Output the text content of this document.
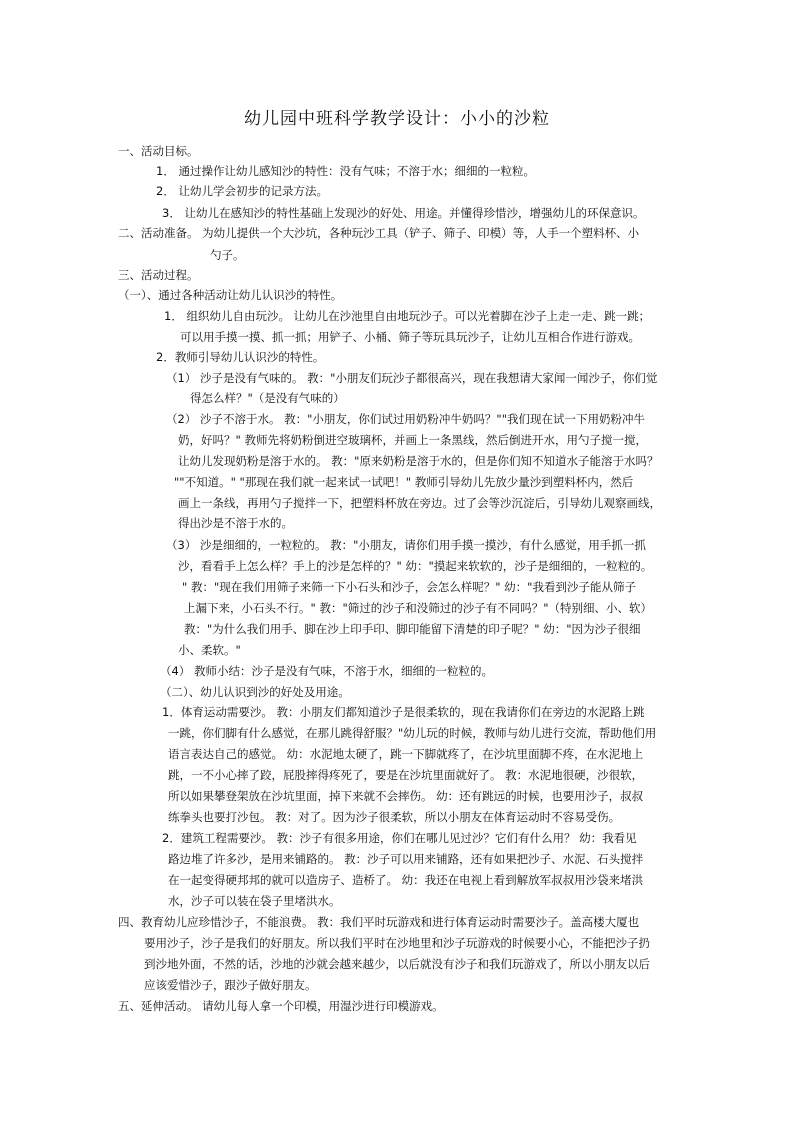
幼儿园中班科学教学设计：小小的沙粒
一、活动目标。
1． 通过操作让幼儿感知沙的特性：没有气味；不溶于水；细细的一粒粒。
2． 让幼儿学会初步的记录方法。
3． 让幼儿在感知沙的特性基础上发现沙的好处、用途。并懂得珍惜沙，增强幼儿的环保意识。
二、活动准备。 为幼儿提供一个大沙坑，各种玩沙工具（铲子、筛子、印模）等，人手一个塑料杯、小
勺子。
三、活动过程。
（一）、通过各种活动让幼儿认识沙的特性。
1． 组织幼儿自由玩沙。 让幼儿在沙池里自由地玩沙子。可以光着脚在沙子上走一走、跳一跳；
可以用手摸一摸、抓一抓；用铲子、小桶、筛子等玩具玩沙子，让幼儿互相合作进行游戏。
2．教师引导幼儿认识沙的特性。
（1） 沙子是没有气味的。 教："小朋友们玩沙子都很高兴，现在我想请大家闻一闻沙子，你们觉
得怎么样？"（是没有气味的）
（2） 沙子不溶于水。 教："小朋友，你们试过用奶粉冲牛奶吗？""我们现在试一下用奶粉冲牛
奶，好吗？" 教师先将奶粉倒进空玻璃杯，并画上一条黑线，然后倒进开水，用勺子搅一搅，
让幼儿发现奶粉是溶于水的。 教："原来奶粉是溶于水的，但是你们知不知道水子能溶于水吗？
""不知道。" "那现在我们就一起来试一试吧！" 教师引导幼儿先放少量沙到塑料杯内，然后
画上一条线，再用勺子搅拌一下，把塑料杯放在旁边。过了会等沙沉淀后，引导幼儿观察画线，
得出沙是不溶于水的。
（3） 沙是细细的，一粒粒的。 教："小朋友，请你们用手摸一摸沙，有什么感觉，用手抓一抓
沙，看看手上怎么样？手上的沙是怎样的？" 幼："摸起来软软的，沙子是细细的，一粒粒的。
" 教："现在我们用筛子来筛一下小石头和沙子，会怎么样呢？" 幼："我看到沙子能从筛子
上漏下来，小石头不行。" 教："筛过的沙子和没筛过的沙子有不同吗？"（特别细、小、软）
教："为什么我们用手、脚在沙上印手印、脚印能留下清楚的印子呢？" 幼："因为沙子很细
小、柔软。"
（4） 教师小结：沙子是没有气味，不溶于水，细细的一粒粒的。
（二）、幼儿认识到沙的好处及用途。
1．体育运动需要沙。 教：小朋友们都知道沙子是很柔软的，现在我请你们在旁边的水泥路上跳
一跳，你们脚有什么感觉，在那儿跳得舒服？"幼儿玩的时候，教师与幼儿进行交流，帮助他们用
语言表达自己的感觉。 幼：水泥地太硬了，跳一下脚就疼了，在沙坑里面脚不疼，在水泥地上
跳，一不小心摔了跤，屁股摔得疼死了，要是在沙坑里面就好了。 教：水泥地很硬，沙很软，
所以如果攀登架放在沙坑里面，掉下来就不会摔伤。 幼：还有跳远的时候，也要用沙子，叔叔
练拳头也要打沙包。 教：对了。因为沙子很柔软，所以小朋友在体育运动时不容易受伤。
2．建筑工程需要沙。 教：沙子有很多用途，你们在哪儿见过沙？它们有什么用？ 幼：我看见
路边堆了许多沙，是用来铺路的。 教：沙子可以用来铺路，还有如果把沙子、水泥、石头搅拌
在一起变得硬邦邦的就可以造房子、造桥了。 幼：我还在电视上看到解放军叔叔用沙袋来堵洪
水，沙子可以装在袋子里堵洪水。
四、教育幼儿应珍惜沙子，不能浪费。 教：我们平时玩游戏和进行体育运动时需要沙子。盖高楼大厦也
要用沙子，沙子是我们的好朋友。所以我们平时在沙地里和沙子玩游戏的时候要小心，不能把沙子扔
到沙地外面，不然的话，沙地的沙就会越来越少，以后就没有沙子和我们玩游戏了，所以小朋友以后
应该爱惜沙子，跟沙子做好朋友。
五、延伸活动。 请幼儿每人拿一个印模，用湿沙进行印模游戏。
